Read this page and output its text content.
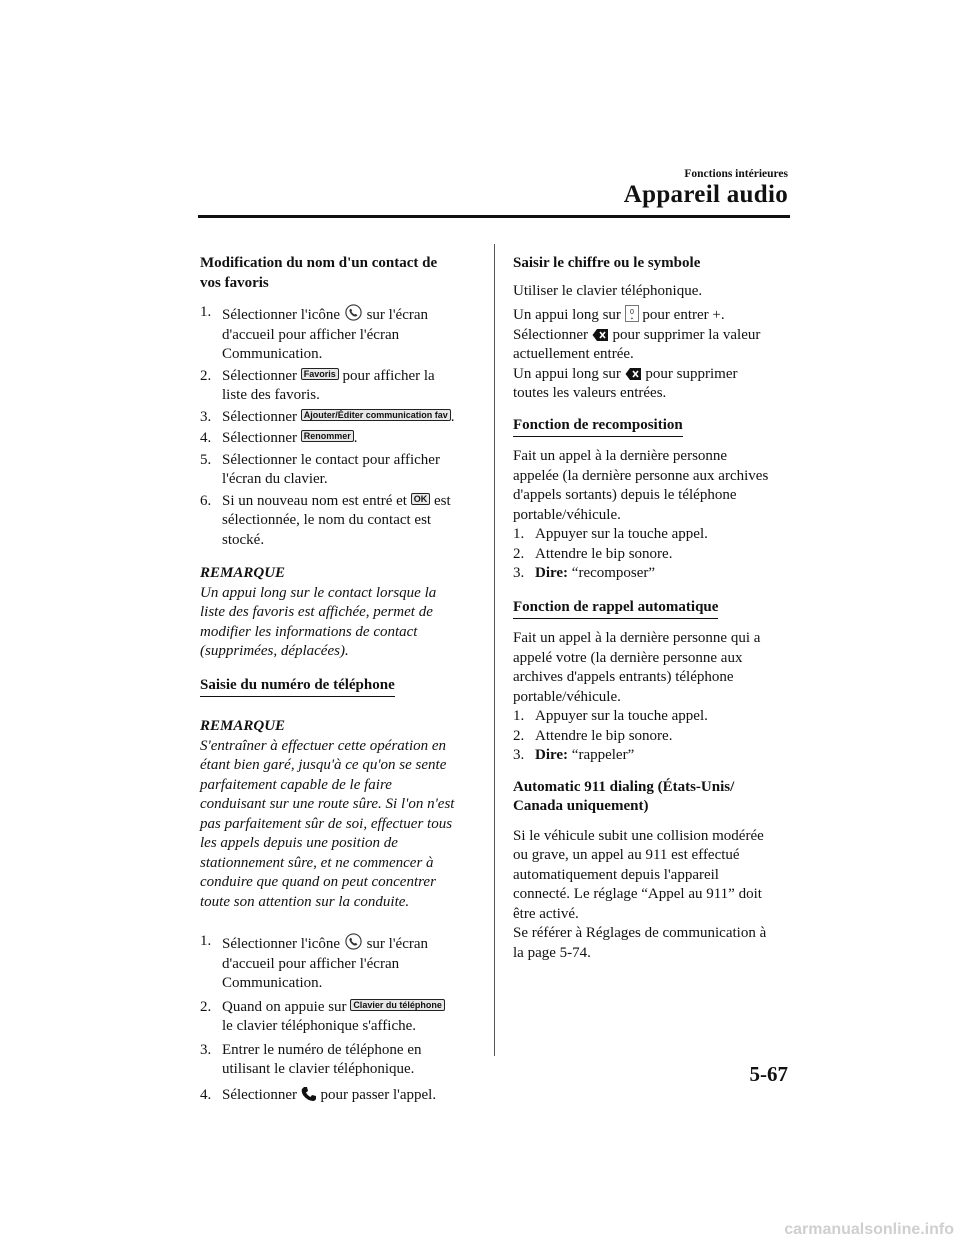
Fonctions intérieures
Appareil audio

Modification du nom d'un contact de
vos favoris

1. Sélectionner l'icône sur l'écran
d'accueil pour afficher l'écran
Communication.
2. Sélectionner Favoris pour afficher la
liste des favoris.
3. Sélectionner Ajouter/Éditer communication fav .
4. Sélectionner Renommer .
5. Sélectionner le contact pour afficher
l'écran du clavier.
6. Si un nouveau nom est entré et OK est
sélectionnée, le nom du contact est
stocké.

REMARQUE

Un appui long sur le contact lorsque la
liste des favoris est affichée, permet de
modifier les informations de contact
(supprimées, déplacées).

Saisie du numéro de téléphone

REMARQUE

S'entraîner à effectuer cette opération en
étant bien garé, jusqu'à ce qu'on se sente
parfaitement capable de le faire
conduisant sur une route sûre. Si l'on n'est
pas parfaitement sûr de soi, effectuer tous
les appels depuis une position de
stationnement sûre, et ne commencer à
conduire que quand on peut concentrer
toute son attention sur la conduite.

1. Sélectionner l'icône sur l'écran
d'accueil pour afficher l'écran
Communication.
2. Quand on appuie sur Clavier du téléphone
le clavier téléphonique s'affiche.
3. Entrer le numéro de téléphone en
utilisant le clavier téléphonique.
4. Sélectionner pour passer l'appel.

Saisir le chiffre ou le symbole

Utiliser le clavier téléphonique.

Un appui long sur 0
+ pour entrer +.
Sélectionner pour supprimer la valeur
actuellement entrée.
Un appui long sur pour supprimer
toutes les valeurs entrées.

Fonction de recomposition

Fait un appel à la dernière personne
appelée (la dernière personne aux archives
d'appels sortants) depuis le téléphone
portable/véhicule.

1. Appuyer sur la touche appel.
2. Attendre le bip sonore.
3. Dire: “recomposer”

Fonction de rappel automatique

Fait un appel à la dernière personne qui a
appelé votre (la dernière personne aux
archives d'appels entrants) téléphone
portable/véhicule.

1. Appuyer sur la touche appel.
2. Attendre le bip sonore.
3. Dire: “rappeler”

Automatic 911 dialing (États-Unis/
Canada uniquement)

Si le véhicule subit une collision modérée
ou grave, un appel au 911 est effectué
automatiquement depuis l'appareil
connecté. Le réglage “Appel au 911” doit
être activé.
Se référer à Réglages de communication à
la page 5-74.

5-67
carmanualsonline.info
